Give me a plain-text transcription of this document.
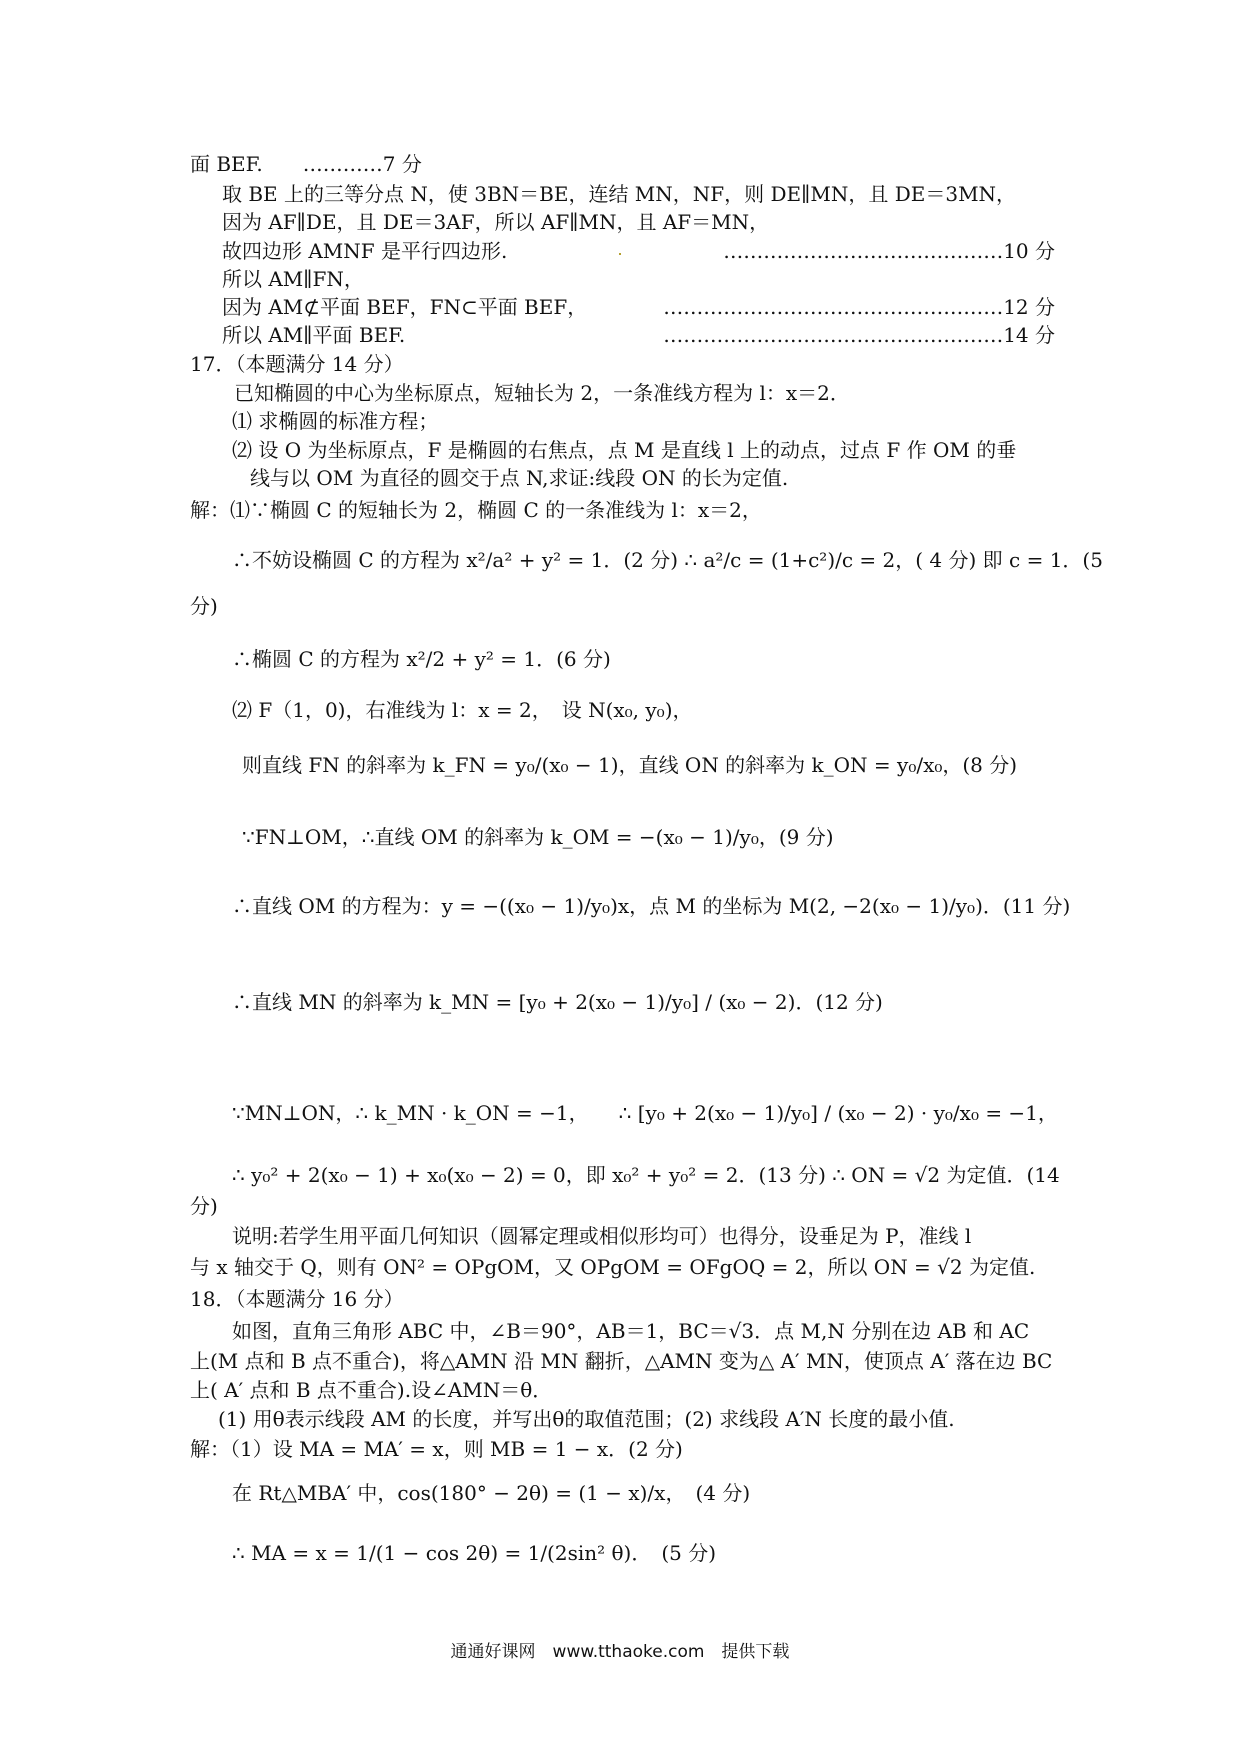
面 BEF.　　…………7 分
取 BE 上的三等分点 N，使 3BN＝BE，连结 MN，NF，则 DE∥MN，且 DE＝3MN，
因为 AF∥DE，且 DE＝3AF，所以 AF∥MN，且 AF＝MN，
故四边形 AMNF 是平行四边形.	……………………………………10 分
所以 AM∥FN，
因为 AM⊄平面 BEF，FN⊂平面 BEF，	……………………………………………12 分
所以 AM∥平面 BEF.	……………………………………………14 分
17．（本题满分 14 分）
已知椭圆的中心为坐标原点，短轴长为 2，一条准线方程为 l：x＝2．
⑴ 求椭圆的标准方程；
⑵ 设 O 为坐标原点，F 是椭圆的右焦点，点 M 是直线 l 上的动点，过点 F 作 OM 的垂
线与以 OM 为直径的圆交于点 N,求证:线段 ON 的长为定值.
解：⑴∵椭圆 C 的短轴长为 2，椭圆 C 的一条准线为 l：x＝2，
∴不妨设椭圆 C 的方程为 x²/a² + y² = 1．(2 分) ∴ a²/c = (1+c²)/c = 2，( 4 分) 即 c = 1．(5
分)
∴椭圆 C 的方程为 x²/2 + y² = 1．(6 分)
⑵ F（1，0)，右准线为 l：x = 2，　设 N(x₀, y₀)，
则直线 FN 的斜率为 k_FN = y₀/(x₀ − 1)，直线 ON 的斜率为 k_ON = y₀/x₀，(8 分)
∵FN⊥OM，∴直线 OM 的斜率为 k_OM = −(x₀ − 1)/y₀，(9 分)
∴直线 OM 的方程为：y = −((x₀ − 1)/y₀)x，点 M 的坐标为 M(2, −2(x₀ − 1)/y₀)．(11 分)
∴直线 MN 的斜率为 k_MN = [y₀ + 2(x₀ − 1)/y₀] / (x₀ − 2)．(12 分)
∵MN⊥ON，∴ k_MN · k_ON = −1，　　∴ [y₀ + 2(x₀ − 1)/y₀] / (x₀ − 2) · y₀/x₀ = −1，
∴ y₀² + 2(x₀ − 1) + x₀(x₀ − 2) = 0，即 x₀² + y₀² = 2．(13 分) ∴ ON = √2 为定值．(14
分)
说明:若学生用平面几何知识（圆幂定理或相似形均可）也得分，设垂足为 P，准线 l
与 x 轴交于 Q，则有 ON² = OPgOM，又 OPgOM = OFgOQ = 2，所以 ON = √2 为定值.
18．（本题满分 16 分）
如图，直角三角形 ABC 中，∠B＝90°，AB＝1，BC＝√3．点 M,N 分别在边 AB 和 AC
上(M 点和 B 点不重合)，将△AMN 沿 MN 翻折，△AMN 变为△ A′ MN，使顶点 A′ 落在边 BC
上( A′ 点和 B 点不重合).设∠AMN＝θ．
(1) 用θ表示线段 AM 的长度，并写出θ的取值范围；(2) 求线段 A′N 长度的最小值.
解：（1）设 MA = MA′ = x，则 MB = 1 − x．(2 分)
在 Rt△MBA′ 中，cos(180° − 2θ) = (1 − x)/x，　(4 分)
∴ MA = x = 1/(1 − cos 2θ) = 1/(2sin² θ)．　(5 分)
通通好课网　www.tthaoke.com　提供下载
